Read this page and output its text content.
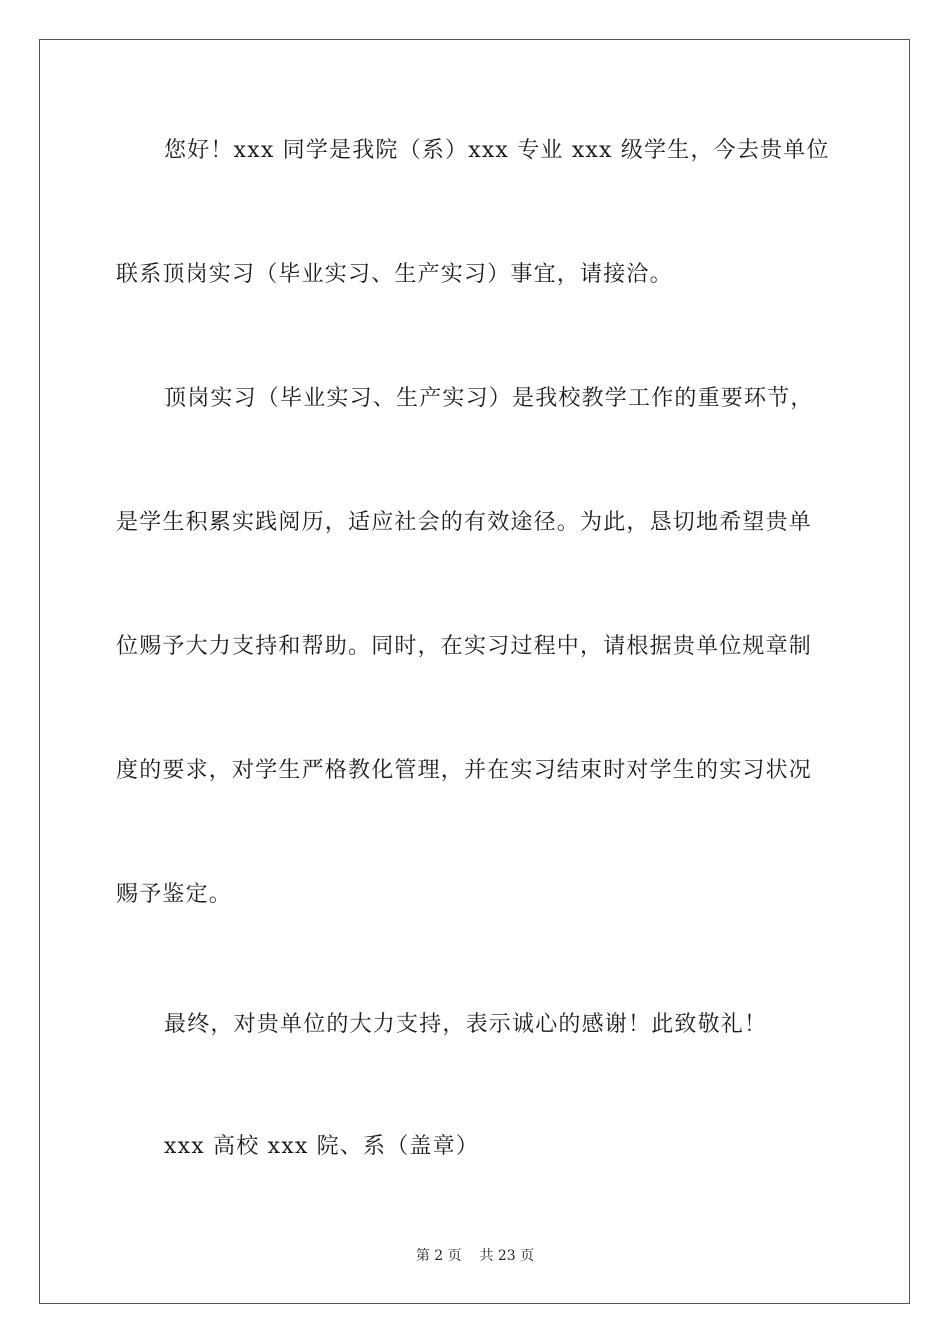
您好！xxx 同学是我院（系）xxx 专业 xxx 级学生，今去贵单位
联系顶岗实习（毕业实习、生产实习）事宜，请接洽。
顶岗实习（毕业实习、生产实习）是我校教学工作的重要环节，
是学生积累实践阅历，适应社会的有效途径。为此，恳切地希望贵单
位赐予大力支持和帮助。同时，在实习过程中，请根据贵单位规章制
度的要求，对学生严格教化管理，并在实习结束时对学生的实习状况
赐予鉴定。
最终，对贵单位的大力支持，表示诚心的感谢！此致敬礼！
xxx 高校 xxx 院、系（盖章）
第 2 页 共 23 页
